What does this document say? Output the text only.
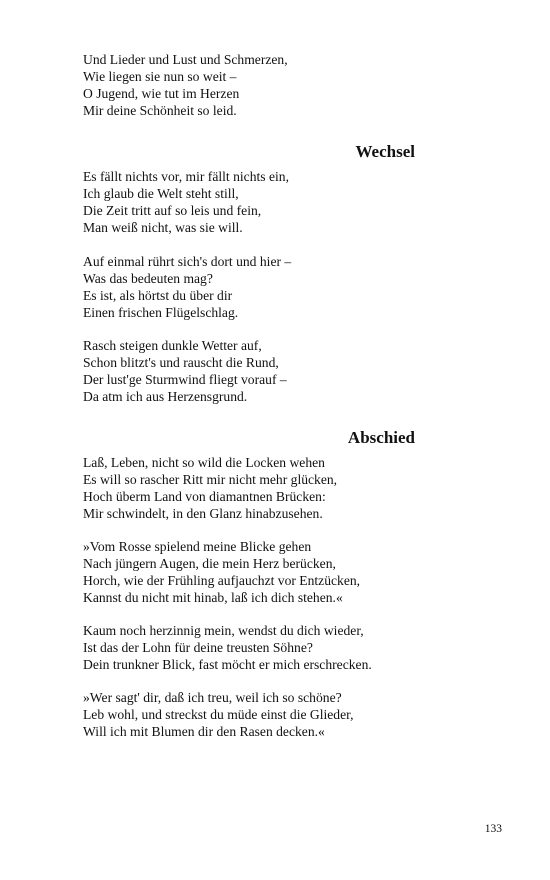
Und Lieder und Lust und Schmerzen,
Wie liegen sie nun so weit –
O Jugend, wie tut im Herzen
Mir deine Schönheit so leid.
Wechsel
Es fällt nichts vor, mir fällt nichts ein,
Ich glaub die Welt steht still,
Die Zeit tritt auf so leis und fein,
Man weiß nicht, was sie will.
Auf einmal rührt sich's dort und hier –
Was das bedeuten mag?
Es ist, als hörtst du über dir
Einen frischen Flügelschlag.
Rasch steigen dunkle Wetter auf,
Schon blitzt's und rauscht die Rund,
Der lust'ge Sturmwind fliegt vorauf –
Da atm ich aus Herzensgrund.
Abschied
Laß, Leben, nicht so wild die Locken wehen
Es will so rascher Ritt mir nicht mehr glücken,
Hoch überm Land von diamantnen Brücken:
Mir schwindelt, in den Glanz hinabzusehen.
»Vom Rosse spielend meine Blicke gehen
Nach jüngern Augen, die mein Herz berücken,
Horch, wie der Frühling aufjauchzt vor Entzücken,
Kannst du nicht mit hinab, laß ich dich stehen.«
Kaum noch herzinnig mein, wendst du dich wieder,
Ist das der Lohn für deine treusten Söhne?
Dein trunkner Blick, fast möcht er mich erschrecken.
»Wer sagt' dir, daß ich treu, weil ich so schöne?
Leb wohl, und streckst du müde einst die Glieder,
Will ich mit Blumen dir den Rasen decken.«
133
